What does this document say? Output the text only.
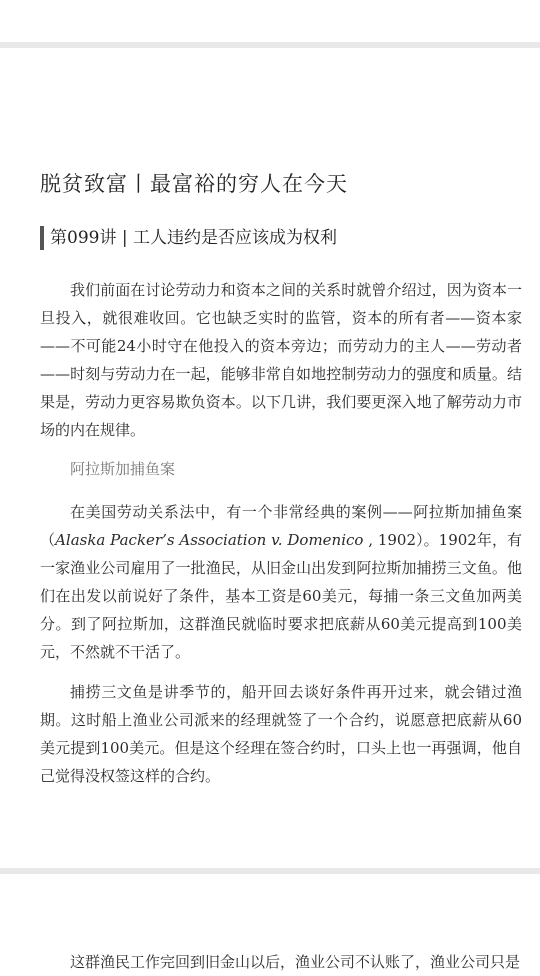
脱贫致富丨最富裕的穷人在今天
第099讲 | 工人违约是否应该成为权利

我们前面在讨论劳动力和资本之间的关系时就曾介绍过，因为资本一旦投入，就很难收回。它也缺乏实时的监管，资本的所有者——资本家——不可能24小时守在他投入的资本旁边；而劳动力的主人——劳动者——时刻与劳动力在一起，能够非常自如地控制劳动力的强度和质量。结果是，劳动力更容易欺负资本。以下几讲，我们要更深入地了解劳动力市场的内在规律。

阿拉斯加捕鱼案

在美国劳动关系法中，有一个非常经典的案例——阿拉斯加捕鱼案（Alaska Packer’s Association v. Domenico , 1902）。1902年，有一家渔业公司雇用了一批渔民，从旧金山出发到阿拉斯加捕捞三文鱼。他们在出发以前说好了条件，基本工资是60美元，每捕一条三文鱼加两美分。到了阿拉斯加，这群渔民就临时要求把底薪从60美元提高到100美元，不然就不干活了。

捕捞三文鱼是讲季节的，船开回去谈好条件再开过来，就会错过渔期。这时船上渔业公司派来的经理就签了一个合约，说愿意把底薪从60美元提到100美元。但是这个经理在签合约时，口头上也一再强调，他自己觉得没权签这样的合约。

这群渔民工作完回到旧金山以后，渔业公司不认账了，渔业公司只是
